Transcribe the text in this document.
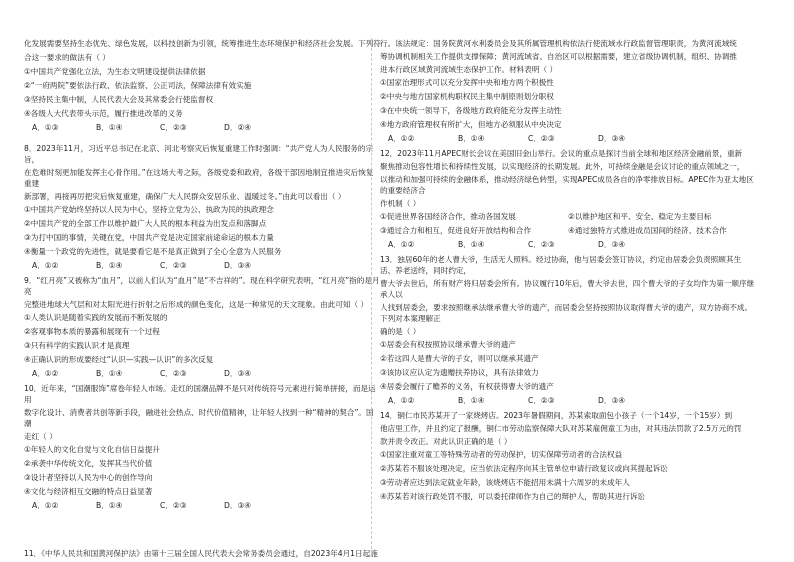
化发展需要坚持生态优先、绿色发展，以科技创新为引领，统筹推进生态环境保护和经济社会发展。下列符

合这一要求的做法有（ ）

①中国共产党强化立法，为生态文明建设提供法律依据

②“一府两院”要依法行政、依法监察、公正司法，保障法律有效实施

③坚持民主集中制，人民代表大会及其常委会行使监督权

④各级人大代表带头示范，履行推进改革的义务

A．①③	B．①④	C．②③	D．②④

8．2023年11月，习近平总书记在北京、河北考察灾后恢复重建工作时强调：“共产党人为人民服务的宗旨，

在危难时刻更加能发挥主心骨作用。”在这场大考之际，各级党委和政府，各级干部因地制宜推进灾后恢复重建

新部署，再接再厉把灾后恢复重建，确保广大人民群众安居乐业、温暖过冬。”由此可以看出（ ）

①中国共产党始终坚持以人民为中心，坚持立党为公、执政为民的执政理念

②中国共产党的全部工作以维护最广大人民的根本利益为出发点和落脚点

③为打中国的事情，关键在党，中国共产党是决定国家前途命运的根本力量

④衡量一个政党的先进性，就是要看它是不是真正做到了全心全意为人民服务

A．①②	B．①④	C．②③	D．③④

9．“红月亮”又被称为“血月”，以前人们认为“血月”是“不吉祥的”。现在科学研究表明，“红月亮”指的是月亮

完整进地球大气层和对太阳光进行折射之后形成的颜色变化，这是一种常见的天文现象。由此可知（ ）

①人类认识是随着实践的发展而不断发展的

②客观事物本质的暴露和展现有一个过程

③只有科学的实践认识才是真理

④正确认识的形成要经过“认识—实践—认识”的多次反复

A．①②	B．①④	C．②③	D．③④

10．近年来，“国潮服饰”席卷年轻人市场。走红的国潮品牌不是只对传统符号元素进行简单拼接，而是运用

数字化设计、消费者共创等新手段，融进社会热点、时代价值精神，让年轻人找到一种“精神的契合”。国潮

走红（ ）

①年轻人的文化自觉与文化自信日益提升

②承袭中华传统文化，发挥其当代价值

③设计者坚持以人民为中心的创作导向

④文化与经济相互交融的特点日益显著

A．①②	B．①④	C．②③	D．③④

11．《中华人民共和国黄河保护法》由第十三届全国人民代表大会常务委员会通过，自2023年4月1日起施

行。该法规定：国务院黄河水利委员会及其所属管理机构依法行使流域水行政监督管理职责，为黄河流域统

筹协调机制相关工作提供支撑保障；黄河流域省、自治区可以根据需要，建立省级协调机制，组织、协调推

进本行政区域黄河流域生态保护工作。材料表明（ ）

①国家治理形式可以充分发挥中央和地方两个积极性

②中央与地方国家机构职权民主集中制原则划分职权

③在中央统一领导下，各级地方政府能充分发挥主动性

④地方政府管理权有所扩大，但地方必须服从中央决定

A．①②	B．①④	C．②③	D．③④

12．2023年11月APEC财长会议在美国旧金山举行。会议的重点是探讨当前全球和地区经济金融前景，重新

聚焦推动包容性增长和持续性发展，以实现经济的长期发展。此外，可持续金融是会议讨论的重点领域之一，

以推动和加强可持续的金融体系，推动经济绿色转型，实现APEC成员各自的净零排放目标。APEC作为亚太地区的重要经济合

作机制（ ）

①促进世界各国经济合作，推动各国发展	②以维护地区和平、安全、稳定为主要目标
③通过合力和相互，促进良好开放结构和合作	④通过独特方式推进成员国间的经济、技术合作
A．①②	B．①④	C．②③	D．③④

13．独居60年的老人曹大爷，生活无人照料。经过协商，他与居委会签订协议，约定由居委会负责照顾其生活、养老送终，同时约定，

曹大爷去世后，所有财产将归居委会所有。协议履行10年后，曹大爷去世，四个曹大爷的子女均作为第一顺序继承人以

人找到居委会，要求按照继承法继承曹大爷的遗产，而居委会坚持按照协议取得曹大爷的遗产，双方协商不成。下列对本案理解正

确的是（ ）

①居委会有权按照协议继承曹大爷的遗产

②若这四人是曹大爷的子女，则可以继承其遗产

③该协议应认定为遗赠扶养协议，具有法律效力

④居委会履行了赡养的义务，有权获得曹大爷的遗产

A．①②	B．①④	C．②③	D．③④

14．铜仁市民苏某开了一家烧烤店。2023年暑假期间，苏某索取面包小孩子（一个14岁，一个15岁）到

他店里工作，并且约定了报酬，铜仁市劳动监察保障大队对苏某雇佣童工为由，对其违法罚款了2.5万元的罚

款并责令改正。对此认识正确的是（ ）

①国家注重对童工等特殊劳动者的劳动保护，切实保障劳动者的合法权益

②苏某若不服该处理决定，应当依法定程序向其主管单位申请行政复议或向其提起诉讼

③劳动者应达到法定就业年龄，该烧烤店不能招用未满十六周岁的未成年人

④苏某若对该行政处罚不服，可以委托律师作为自己的辩护人，帮助其进行诉讼
